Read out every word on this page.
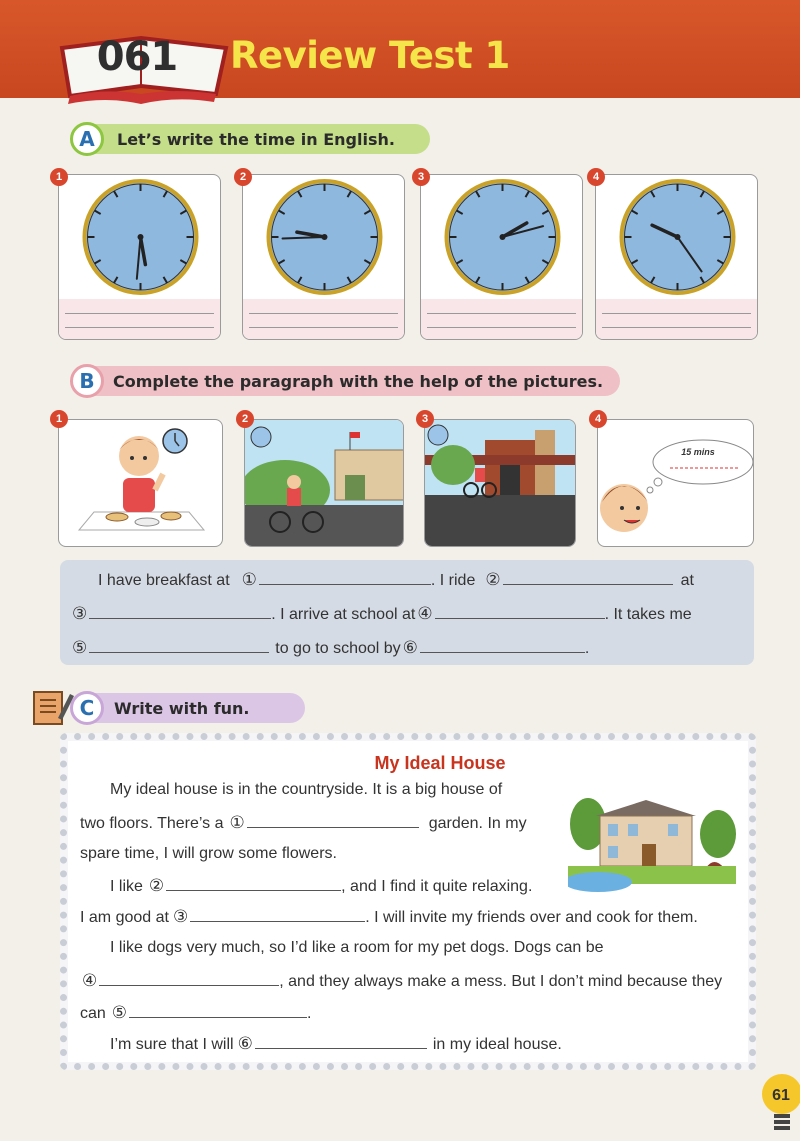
061 Review Test 1
A	Let’s write the time in English.
1	2	3	4
B	Complete the paragraph with the help of the pictures.
15 mins
1	2	3	4
I have breakfast at ①	. I ride ②	at
③	. I arrive at school at ④	. It takes me
⑤	to go to school by ⑥	.
C	Write with fun.
My Ideal House
My ideal house is in the countryside. It is a big house of
two floors. There’s a ①	garden. In my
spare time, I will grow some flowers.
I like ②	, and I find it quite relaxing.
I am good at ③	. I will invite my friends over and cook for them.
I like dogs very much, so I’d like a room for my pet dogs. Dogs can be
④	, and they always make a mess. But I don’t mind because they
can ⑤	.
I’m sure that I will ⑥	in my ideal house.
61
